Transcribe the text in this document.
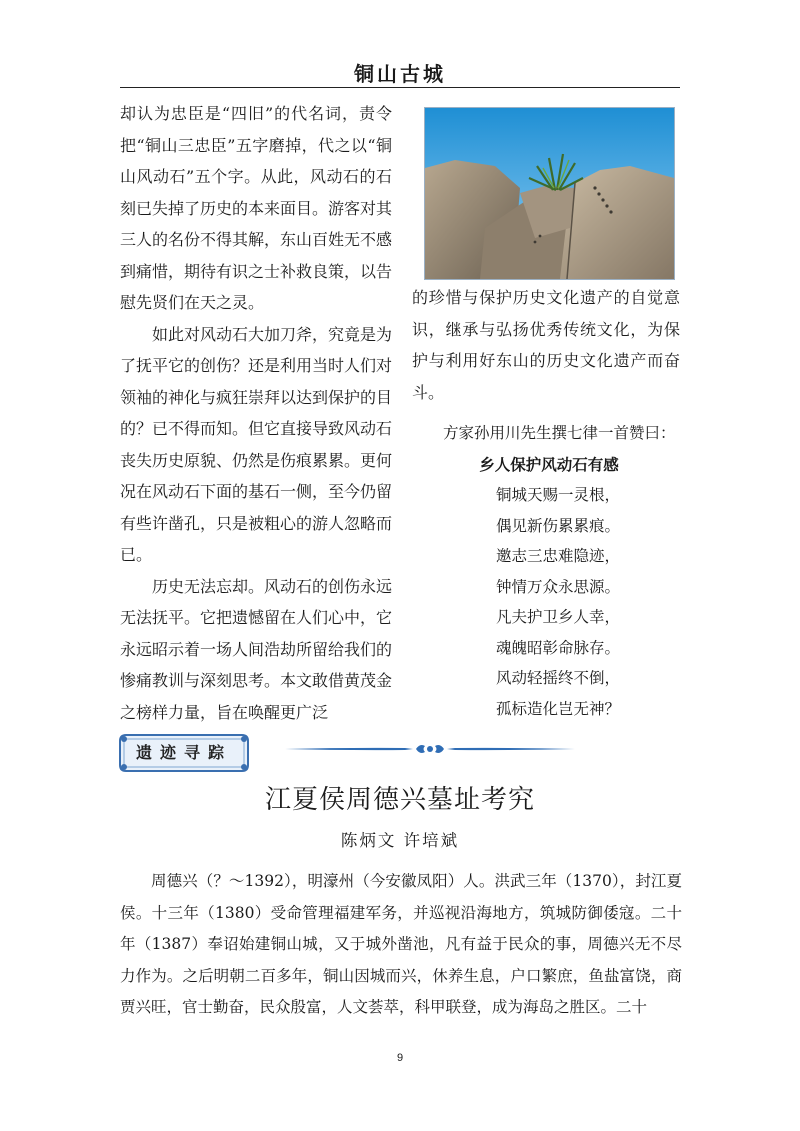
铜山古城

却认为忠臣是“四旧”的代名词，责令把“铜山三忠臣”五字磨掉，代之以“铜山风动石”五个字。从此，风动石的石刻已失掉了历史的本来面目。游客对其三人的名份不得其解，东山百姓无不感到痛惜，期待有识之士补救良策，以告慰先贤们在天之灵。

如此对风动石大加刀斧，究竟是为了抚平它的创伤？还是利用当时人们对领袖的神化与疯狂崇拜以达到保护的目的？已不得而知。但它直接导致风动石丧失历史原貌、仍然是伤痕累累。更何况在风动石下面的基石一侧，至今仍留有些许凿孔，只是被粗心的游人忽略而已。

历史无法忘却。风动石的创伤永远无法抚平。它把遗憾留在人们心中，它永远昭示着一场人间浩劫所留给我们的惨痛教训与深刻思考。本文敢借黄茂金之榜样力量，旨在唤醒更广泛

的珍惜与保护历史文化遗产的自觉意识，继承与弘扬优秀传统文化，为保护与利用好东山的历史文化遗产而奋斗。

方家孙用川先生撰七律一首赞曰：

乡人保护风动石有感

铜城天赐一灵根，

偶见新伤累累痕。

邀志三忠难隐迹，

钟情万众永思源。

凡夫护卫乡人幸，

魂魄昭彰命脉存。

风动轻摇终不倒，

孤标造化岂无神？

遗迹寻踪
江夏侯周德兴墓址考究
陈炳文 许培斌

周德兴（？～1392），明濠州（今安徽凤阳）人。洪武三年（1370），封江夏侯。十三年（1380）受命管理福建军务，并巡视沿海地方，筑城防御倭寇。二十年（1387）奉诏始建铜山城，又于城外凿池，凡有益于民众的事，周德兴无不尽力作为。之后明朝二百多年，铜山因城而兴，休养生息，户口繁庶，鱼盐富饶，商贾兴旺，官士勤奋，民众殷富，人文荟萃，科甲联登，成为海岛之胜区。二十

9
